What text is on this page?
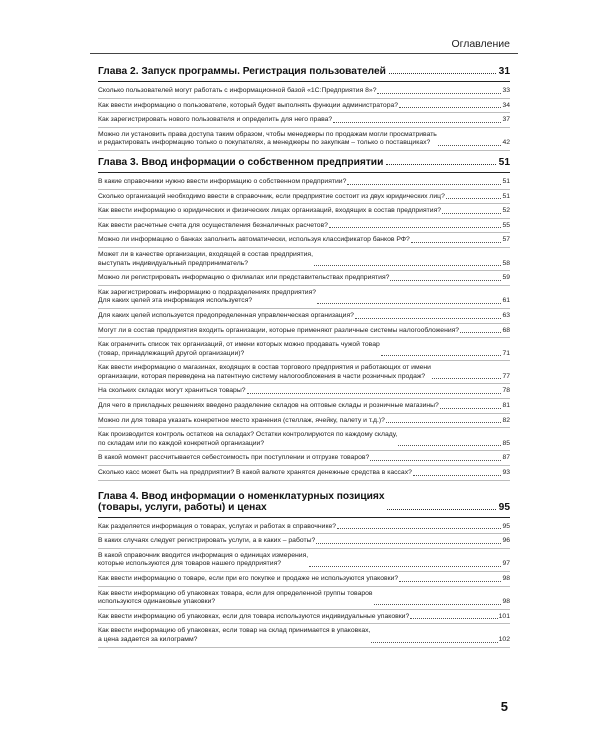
Оглавление
Глава 2. Запуск программы. Регистрация пользователей	31
Сколько пользователей могут работать с информационной базой «1С:Предприятия 8»?	33
Как ввести информацию о пользователе, который будет выполнять функции администратора?	34
Как зарегистрировать нового пользователя и определить для него права?	37
Можно ли установить права доступа таким образом, чтобы менеджеры по продажам могли просматривать
и редактировать информацию только о покупателях, а менеджеры по закупкам – только о поставщиках?	42
Глава 3. Ввод информации о собственном предприятии	51
В какие справочники нужно ввести информацию о собственном предприятии?	51
Сколько организаций необходимо ввести в справочник, если предприятие состоит из двух юридических лиц?	51
Как ввести информацию о юридических и физических лицах организаций, входящих в состав предприятия?	52
Как ввести расчетные счета для осуществления безналичных расчетов?	55
Можно ли информацию о банках заполнить автоматически, используя классификатор банков РФ?	57
Может ли в качестве организации, входящей в состав предприятия,
выступать индивидуальный предприниматель?	58
Можно ли регистрировать информацию о филиалах или представительствах предприятия?	59
Как зарегистрировать информацию о подразделениях предприятия?
Для каких целей эта информация используется?	61
Для каких целей используется предопределенная управленческая организация?	63
Могут ли в состав предприятия входить организации, которые применяют различные системы налогообложения?	68
Как ограничить список тех организаций, от имени которых можно продавать чужой товар
(товар, принадлежащий другой организации)?	71
Как ввести информацию о магазинах, входящих в состав торгового предприятия и работающих от имени
организации, которая переведена на патентную систему налогообложения в части розничных продаж?	77
На скольких складах могут храниться товары?	78
Для чего в прикладных решениях введено разделение складов на оптовые склады и розничные магазины?	81
Можно ли для товара указать конкретное место хранения (стеллаж, ячейку, палету и т.д.)?	82
Как производится контроль остатков на складах? Остатки контролируются по каждому складу,
по складам или по каждой конкретной организации?	85
В какой момент рассчитывается себестоимость при поступлении и отгрузке товаров?	87
Сколько касс может быть на предприятии? В какой валюте хранятся денежные средства в кассах?	93
Глава 4. Ввод информации о номенклатурных позициях
(товары, услуги, работы) и ценах	95
Как разделяется информация о товарах, услугах и работах в справочнике?	95
В каких случаях следует регистрировать услуги, а в каких – работы?	96
В какой справочник вводится информация о единицах измерения,
которые используются для товаров нашего предприятия?	97
Как ввести информацию о товаре, если при его покупке и продаже не используются упаковки?	98
Как ввести информацию об упаковках товара, если для определенной группы товаров
используются одинаковые упаковки?	98
Как ввести информацию об упаковках, если для товара используются индивидуальные упаковки?	101
Как ввести информацию об упаковках, если товар на склад принимается в упаковках,
а цена задается за килограмм?	102
5
